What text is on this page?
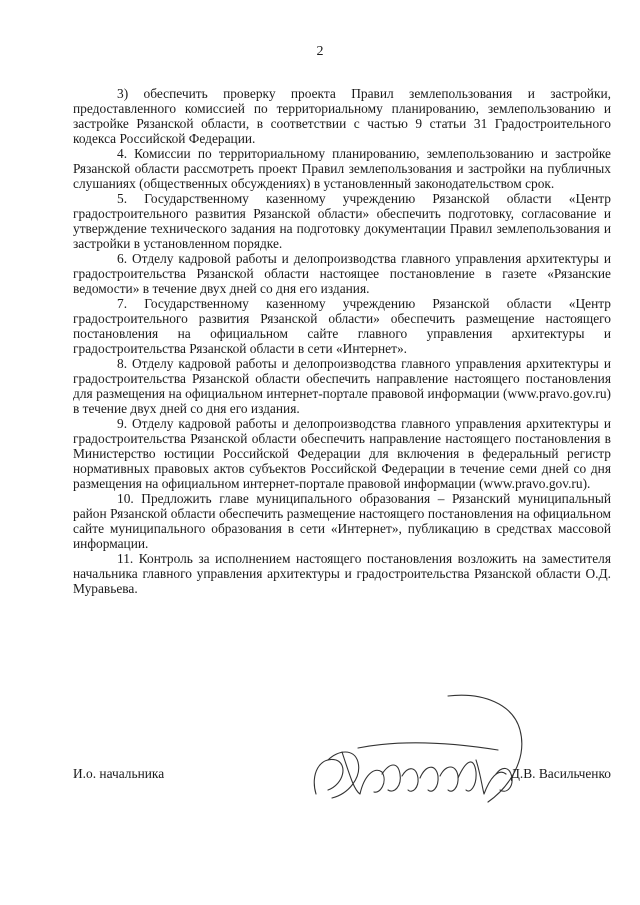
2

3) обеспечить проверку проекта Правил землепользования и застройки, предоставленного комиссией по территориальному планированию, землепользованию и застройке Рязанской области, в соответствии с частью 9 статьи 31 Градостроительного кодекса Российской Федерации.

4. Комиссии по территориальному планированию, землепользованию и застройке Рязанской области рассмотреть проект Правил землепользования и застройки на публичных слушаниях (общественных обсуждениях) в установленный законодательством срок.

5. Государственному казенному учреждению Рязанской области «Центр градостроительного развития Рязанской области» обеспечить подготовку, согласование и утверждение технического задания на подготовку документации Правил землепользования и застройки в установленном порядке.

6. Отделу кадровой работы и делопроизводства главного управления архитектуры и градостроительства Рязанской области настоящее постановление в газете «Рязанские ведомости» в течение двух дней со дня его издания.

7. Государственному казенному учреждению Рязанской области «Центр градостроительного развития Рязанской области» обеспечить размещение настоящего постановления на официальном сайте главного управления архитектуры и градостроительства Рязанской области в сети «Интернет».

8. Отделу кадровой работы и делопроизводства главного управления архитектуры и градостроительства Рязанской области обеспечить направление настоящего постановления для размещения на официальном интернет-портале правовой информации (www.pravo.gov.ru) в течение двух дней со дня его издания.

9. Отделу кадровой работы и делопроизводства главного управления архитектуры и градостроительства Рязанской области обеспечить направление настоящего постановления в Министерство юстиции Российской Федерации для включения в федеральный регистр нормативных правовых актов субъектов Российской Федерации в течение семи дней со дня размещения на официальном интернет-портале правовой информации (www.pravo.gov.ru).

10. Предложить главе муниципального образования – Рязанский муниципальный район Рязанской области обеспечить размещение настоящего постановления на официальном сайте муниципального образования в сети «Интернет», публикацию в средствах массовой информации.

11. Контроль за исполнением настоящего постановления возложить на заместителя начальника главного управления архитектуры и градостроительства Рязанской области О.Д. Муравьева.

И.о. начальника	Д.В. Васильченко
